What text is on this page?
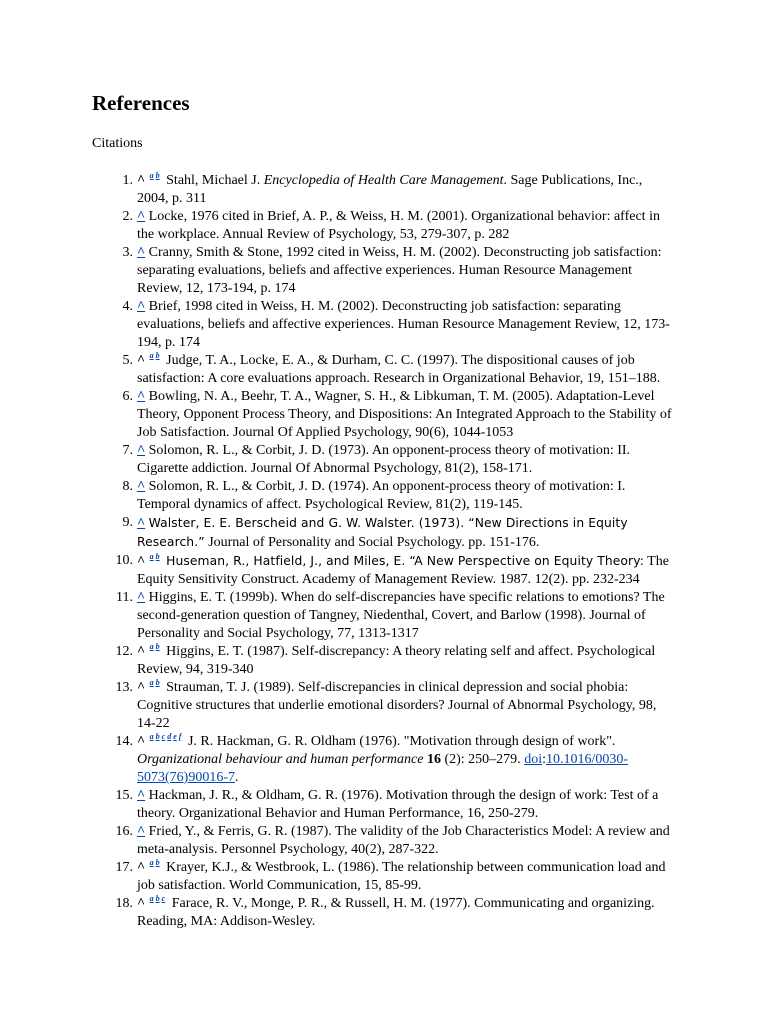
References

Citations

1. ^ a b Stahl, Michael J. Encyclopedia of Health Care Management. Sage Publications, Inc., 2004, p. 311
2. ^ Locke, 1976 cited in Brief, A. P., & Weiss, H. M. (2001). Organizational behavior: affect in the workplace. Annual Review of Psychology, 53, 279-307, p. 282
3. ^ Cranny, Smith & Stone, 1992 cited in Weiss, H. M. (2002). Deconstructing job satisfaction: separating evaluations, beliefs and affective experiences. Human Resource Management Review, 12, 173-194, p. 174
4. ^ Brief, 1998 cited in Weiss, H. M. (2002). Deconstructing job satisfaction: separating evaluations, beliefs and affective experiences. Human Resource Management Review, 12, 173-194, p. 174
5. ^ a b Judge, T. A., Locke, E. A., & Durham, C. C. (1997). The dispositional causes of job satisfaction: A core evaluations approach. Research in Organizational Behavior, 19, 151–188.
6. ^ Bowling, N. A., Beehr, T. A., Wagner, S. H., & Libkuman, T. M. (2005). Adaptation-Level Theory, Opponent Process Theory, and Dispositions: An Integrated Approach to the Stability of Job Satisfaction. Journal Of Applied Psychology, 90(6), 1044-1053
7. ^ Solomon, R. L., & Corbit, J. D. (1973). An opponent-process theory of motivation: II. Cigarette addiction. Journal Of Abnormal Psychology, 81(2), 158-171.
8. ^ Solomon, R. L., & Corbit, J. D. (1974). An opponent-process theory of motivation: I. Temporal dynamics of affect. Psychological Review, 81(2), 119-145.
9. ^ Walster, E. E. Berscheid and G. W. Walster. (1973). “New Directions in Equity Research.” Journal of Personality and Social Psychology. pp. 151-176.
10. ^ a b Huseman, R., Hatfield, J., and Miles, E. “A New Perspective on Equity Theory: The Equity Sensitivity Construct. Academy of Management Review. 1987. 12(2). pp. 232-234
11. ^ Higgins, E. T. (1999b). When do self-discrepancies have specific relations to emotions? The second-generation question of Tangney, Niedenthal, Covert, and Barlow (1998). Journal of Personality and Social Psychology, 77, 1313-1317
12. ^ a b Higgins, E. T. (1987). Self-discrepancy: A theory relating self and affect. Psychological Review, 94, 319-340
13. ^ a b Strauman, T. J. (1989). Self-discrepancies in clinical depression and social phobia: Cognitive structures that underlie emotional disorders? Journal of Abnormal Psychology, 98, 14-22
14. ^ a b c d e f J. R. Hackman, G. R. Oldham (1976). "Motivation through design of work". Organizational behaviour and human performance 16 (2): 250–279. doi:10.1016/0030-5073(76)90016-7.
15. ^ Hackman, J. R., & Oldham, G. R. (1976). Motivation through the design of work: Test of a theory. Organizational Behavior and Human Performance, 16, 250-279.
16. ^ Fried, Y., & Ferris, G. R. (1987). The validity of the Job Characteristics Model: A review and meta-analysis. Personnel Psychology, 40(2), 287-322.
17. ^ a b Krayer, K.J., & Westbrook, L. (1986). The relationship between communication load and job satisfaction. World Communication, 15, 85-99.
18. ^ a b c Farace, R. V., Monge, P. R., & Russell, H. M. (1977). Communicating and organizing. Reading, MA: Addison-Wesley.
